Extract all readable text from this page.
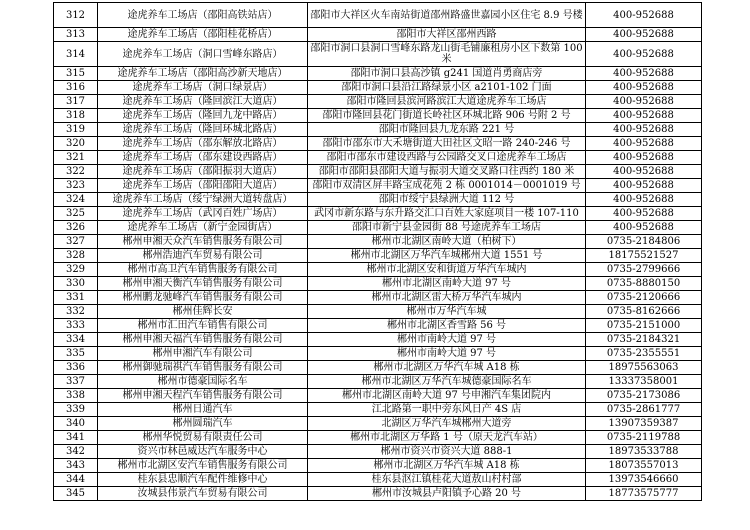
312	途虎养车工场店（邵阳高铁站店）	邵阳市大祥区火车南站街道邵州路盛世嘉园小区住宅 8.9 号楼	400-952688
313	途虎养车工场店（邵阳桂花桥店）	邵阳市大祥区邵州西路	400-952688
314	途虎养车工场店（洞口雪峰东路店）	邵阳市洞口县洞口雪峰东路龙山街毛铺廉租房小区下数第 100 米	400-952688
315	途虎养车工场店（邵阳高沙新天地店）	邵阳市洞口县高沙镇 g241 国道肖勇商店旁	400-952688
316	途虎养车工场店（洞口绿景店）	邵阳市洞口县沿江路绿景小区 a2101-102 门面	400-952688
317	途虎养车工场店（隆回滨江大道店）	邵阳市隆回县滨河路滨江大道途虎养车工场店	400-952688
318	途虎养车工场店（隆回九龙中路店）	邵阳市隆回县花门街道长岭社区环城北路 906 号附 2 号	400-952688
319	途虎养车工场店（隆回环城北路店）	邵阳市隆回县九龙东路 221 号	400-952688
320	途虎养车工场店（邵东解放北路店）	邵阳市邵东市大禾塘街道大田社区文昭一路 240-246 号	400-952688
321	途虎养车工场店（邵东建设西路店）	邵阳市邵东市建设西路与公园路交叉口途虎养车工场店	400-952688
322	途虎养车工场店（邵阳振羽大道店）	邵阳市邵阳县邵阳大道与振羽大道交叉路口往西约 180 米	400-952688
323	途虎养车工场店（邵阳邵阳大道店）	邵阳市双清区屏丰路宝成花苑 2 栋 0001014－0001019 号	400-952688
324	途虎养车工场店（绥宁绿洲大道转盘店）	邵阳市绥宁县绿洲大道 112 号	400-952688
325	途虎养车工场店（武冈百姓广场店）	武冈市新东路与东升路交汇口百姓大家庭项目一楼 107-110	400-952688
326	途虎养车工场店（新宁金园街店）	邵阳市新宁县金园街 88 号途虎养车工场店	400-952688
327	郴州申湘天众汽车销售服务有限公司	郴州市北湖区南岭大道（柏树下）	0735-2184806
328	郴州浩迪汽车贸易有限公司	郴州市北湖区万华汽车城郴州大道 1551 号	18175521527
329	郴州市高卫汽车销售服务有限公司	郴州市北湖区安和街道万华汽车城内	0735-2799666
330	郴州申湘天衡汽车销售服务有限公司	郴州市北湖区南岭大道 97 号	0735-8880150
331	郴州鹏龙驰峰汽车销售服务有限公司	郴州市北湖区雷大桥万华汽车城内	0735-2120666
332	郴州佳辉长安	郴州市万华汽车城	0735-8162666
333	郴州市汇田汽车销售有限公司	郴州市北湖区香雪路 56 号	0735-2151000
334	郴州申湘天福汽车销售服务有限公司	郴州市南岭大道 97 号	0735-2184321
335	郴州申湘汽车有限公司	郴州市南岭大道 97 号	0735-2355551
336	郴州御驰瑞祺汽车销售服务有限公司	郴州市北湖区万华汽车城 A18 栋	18975563063
337	郴州市德豪国际名车	郴州市北湖区万华汽车城德豪国际名车	13337358001
338	郴州申湘天程汽车销售服务有限公司	郴州市北湖区南岭大道 97 号申湘汽车集团院内	0735-2173086
339	郴州日通汽车	江北路第一职中旁东风日产 4S 店	0735-2861777
340	郴州圆瑞汽车	北湖区万华汽车城郴州大道旁	13907359387
341	郴州华悦贸易有限责任公司	郴州市北湖区万华路 1 号（原天龙汽车站）	0735-2119788
342	资兴市林邑威达汽车服务中心	郴州市资兴市资兴大道 888-1	18973533788
343	郴州市北湖区安汽车销售服务有限公司	郴州市北湖区万华汽车城 A18 栋	18073557013
344	桂东县忠顺汽车配件维修中心	桂东县沤江镇桂花大道敖山村村部	13973546660
345	汝城县伟景汽车贸易有限公司	郴州市汝城县卢阳镇予心路 20 号	18773575777
